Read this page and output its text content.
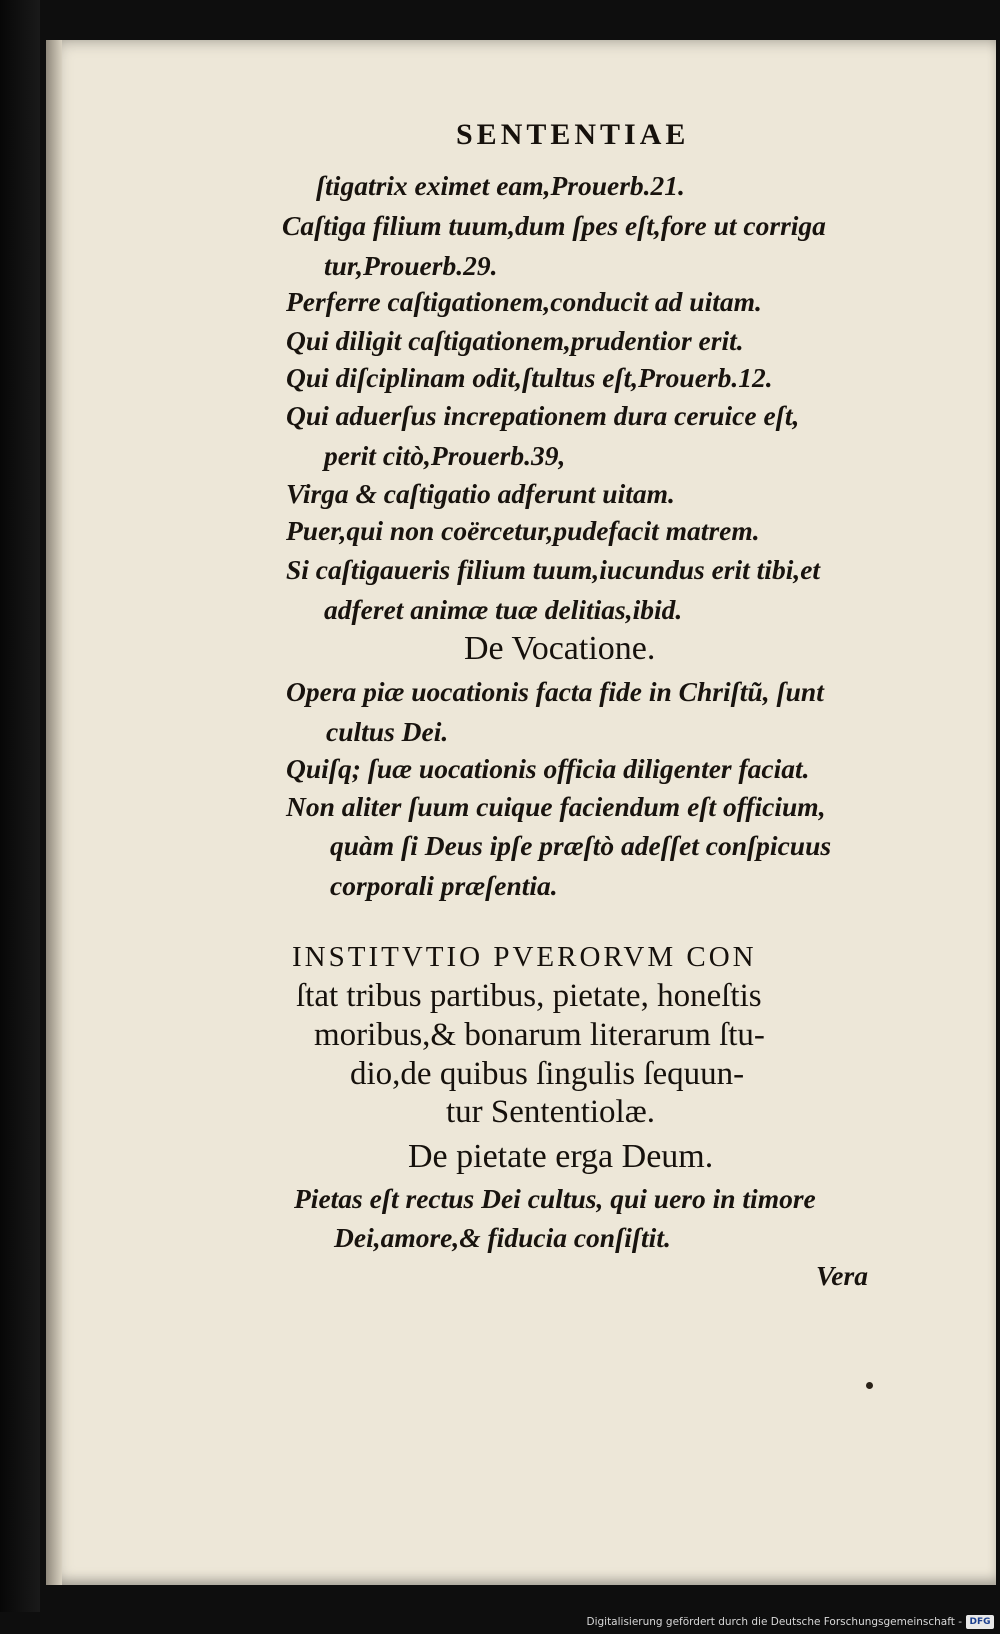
SENTENTIAE
ſtigatrix eximet eam,Prouerb.21.
Caſtiga filium tuum,dum ſpes eſt,fore ut corriga
tur,Prouerb.29.
Perferre caſtigationem,conducit ad uitam.
Qui diligit caſtigationem,prudentior erit.
Qui diſciplinam odit,ſtultus eſt,Prouerb.12.
Qui aduerſus increpationem dura ceruice eſt,
perit citò,Prouerb.39,
Virga & caſtigatio adferunt uitam.
Puer,qui non coërcetur,pudefacit matrem.
Si caſtigaueris filium tuum,iucundus erit tibi,et
adferet animæ tuæ delitias,ibid.
De Vocatione.
Opera piæ uocationis facta fide in Chriſtũ, ſunt
cultus Dei.
Quiſq; ſuæ uocationis officia diligenter faciat.
Non aliter ſuum cuique faciendum eſt officium,
quàm ſi Deus ipſe præſtò adeſſet conſpicuus
corporali præſentia.
INSTITVTIO PVERORVM CON
ſtat tribus partibus, pietate, honeſtis
moribus,& bonarum literarum ſtu-
dio,de quibus ſingulis ſequun-
tur Sententiolæ.
De pietate erga Deum.
Pietas eſt rectus Dei cultus, qui uero in timore
Dei,amore,& fiducia conſiſtit.
Vera
Digitalisierung gefördert durch die Deutsche Forschungsgemeinschaft - DFG
